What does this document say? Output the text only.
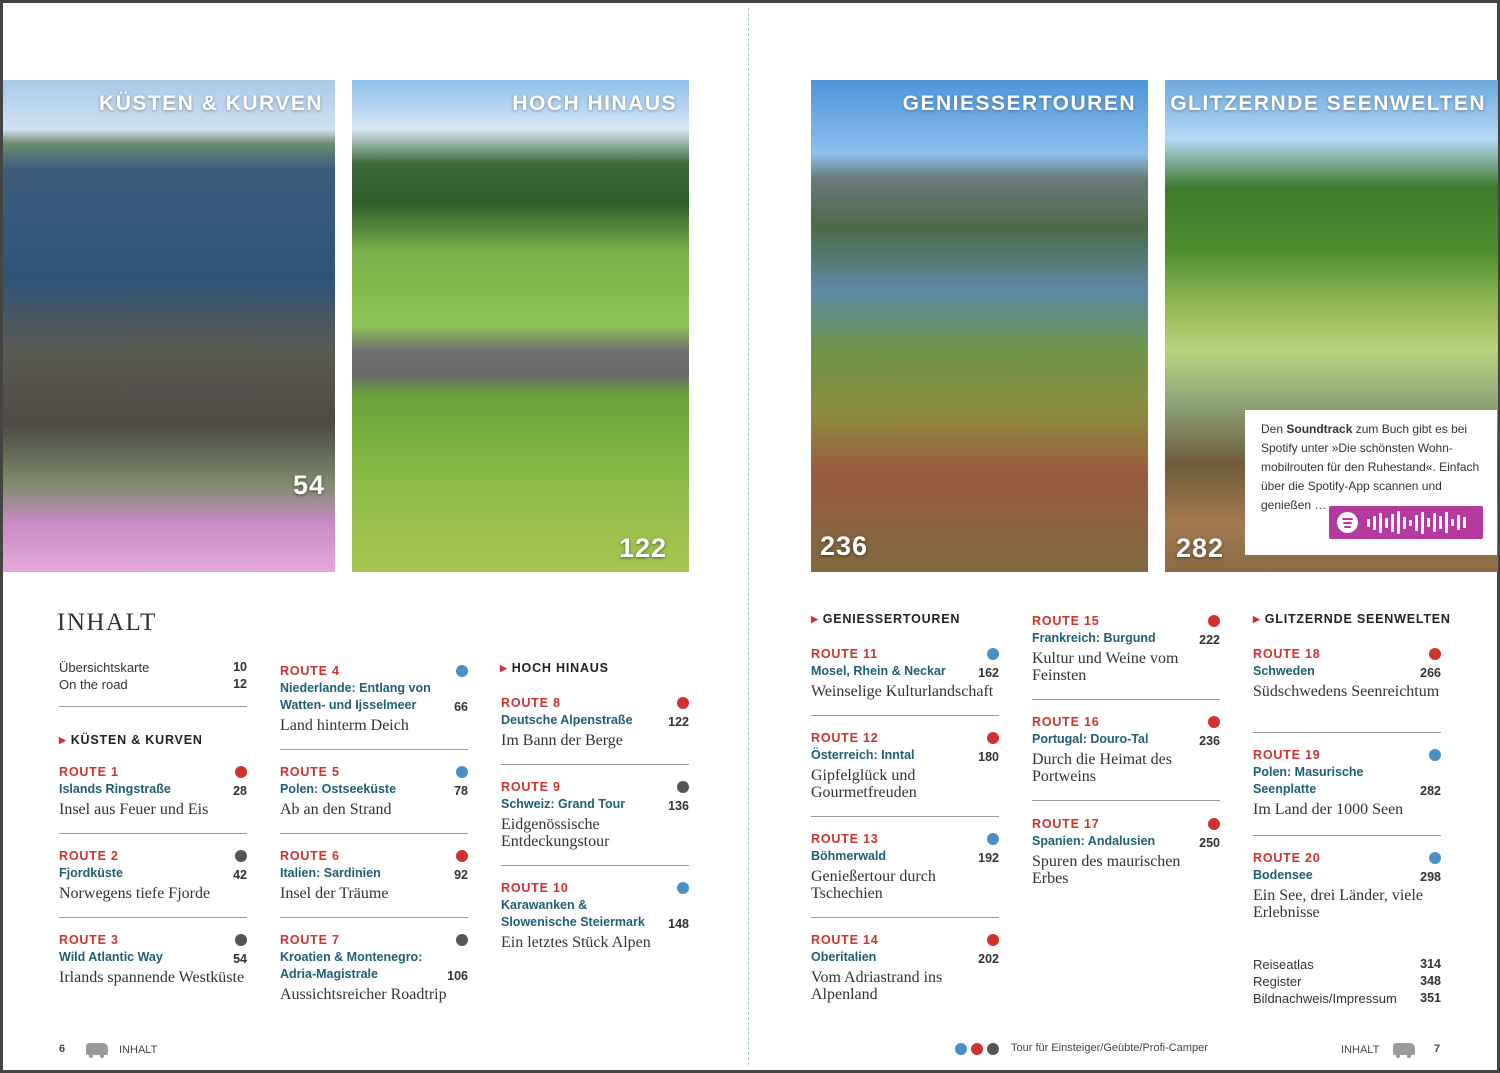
KÜSTEN & KURVEN
54
HOCH HINAUS
122
GENIESSERTOUREN
236
GLITZERNDE SEENWELTEN
282
Den Soundtrack zum Buch gibt es bei Spotify unter »Die schönsten Wohn-mobilrouten für den Ruhestand«. Einfach über die Spotify-App scannen und genießen …
INHALT
Übersichtskarte	10
On the road	12
▶ KÜSTEN & KURVEN
▶ HOCH HINAUS
▶ GENIESSERTOUREN	▶ GLITZERNDE SEENWELTEN
ROUTE 1
Islands Ringstraße	28
Insel aus Feuer und Eis
ROUTE 2
Fjordküste	42
Norwegens tiefe Fjorde
ROUTE 3
Wild Atlantic Way	54
Irlands spannende Westküste
ROUTE 4
Niederlande: Entlang von Watten- und Ijsselmeer	66
Land hinterm Deich
ROUTE 5
Polen: Ostseeküste	78
Ab an den Strand
ROUTE 6
Italien: Sardinien	92
Insel der Träume
ROUTE 7
Kroatien & Montenegro: Adria-Magistrale	106
Aussichtsreicher Roadtrip
ROUTE 8
Deutsche Alpenstraße	122
Im Bann der Berge
ROUTE 9
Schweiz: Grand Tour	136
Eidgenössische Entdeckungstour
ROUTE 10
Karawanken & Slowenische Steiermark	148
Ein letztes Stück Alpen
ROUTE 11
Mosel, Rhein & Neckar	162
Weinselige Kulturlandschaft
ROUTE 12
Österreich: Inntal	180
Gipfelglück und Gourmetfreuden
ROUTE 13
Böhmerwald	192
Genießertour durch Tschechien
ROUTE 14
Oberitalien	202
Vom Adriastrand ins Alpenland
ROUTE 15
Frankreich: Burgund	222
Kultur und Weine vom Feinsten
ROUTE 16
Portugal: Douro-Tal	236
Durch die Heimat des Portweins
ROUTE 17
Spanien: Andalusien	250
Spuren des maurischen Erbes
ROUTE 18
Schweden	266
Südschwedens Seenreichtum
ROUTE 19
Polen: Masurische Seenplatte	282
Im Land der 1000 Seen
ROUTE 20
Bodensee	298
Ein See, drei Länder, viele Erlebnisse
Reiseatlas	314
Register	348
Bildnachweis/Impressum 351
6	INHALT	Tour für Einsteiger/Geübte/Profi-Camper	INHALT	7
